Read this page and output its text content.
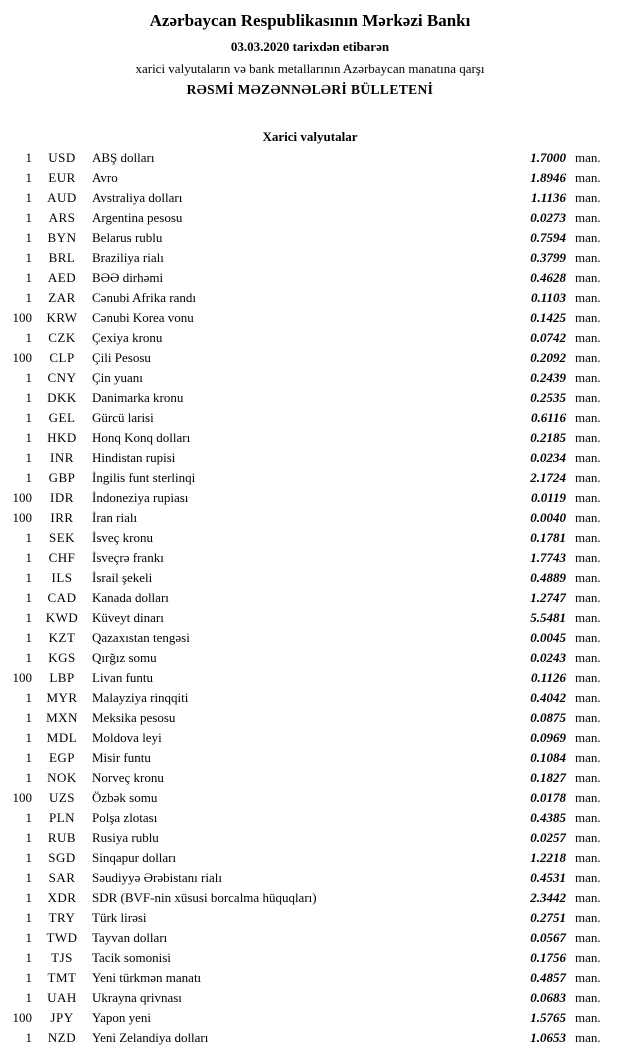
Azərbaycan Respublikasının Mərkəzi Bankı
03.03.2020 tarixdən etibarən
xarici valyutaların və bank metallarının Azərbaycan manatına qarşı
RƏSMİ MƏZƏNNƏLƏRİ BÜLLETENİ
Xarici valyutalar
1	USD	ABŞ dolları	1.7000 man.
1	EUR	Avro	1.8946 man.
1	AUD	Avstraliya dolları	1.1136 man.
1	ARS	Argentina pesosu	0.0273 man.
1	BYN	Belarus rublu	0.7594 man.
1	BRL	Braziliya rialı	0.3799 man.
1	AED	BƏƏ dirhəmi	0.4628 man.
1	ZAR	Cənubi Afrika randı	0.1103 man.
100	KRW	Cənubi Korea vonu	0.1425 man.
1	CZK	Çexiya kronu	0.0742 man.
100	CLP	Çili Pesosu	0.2092 man.
1	CNY	Çin yuanı	0.2439 man.
1	DKK	Danimarka kronu	0.2535 man.
1	GEL	Gürcü larisi	0.6116 man.
1	HKD	Honq Konq dolları	0.2185 man.
1	INR	Hindistan rupisi	0.0234 man.
1	GBP	İngilis funt sterlinqi	2.1724 man.
100	IDR	İndoneziya rupiası	0.0119 man.
100	IRR	İran rialı	0.0040 man.
1	SEK	İsveç kronu	0.1781 man.
1	CHF	İsveçrə frankı	1.7743 man.
1	ILS	İsrail şekeli	0.4889 man.
1	CAD	Kanada dolları	1.2747 man.
1	KWD	Küveyt dinarı	5.5481 man.
1	KZT	Qazaxıstan tengəsi	0.0045 man.
1	KGS	Qırğız somu	0.0243 man.
100	LBP	Livan funtu	0.1126 man.
1	MYR	Malayziya rinqqiti	0.4042 man.
1	MXN	Meksika pesosu	0.0875 man.
1	MDL	Moldova leyi	0.0969 man.
1	EGP	Misir funtu	0.1084 man.
1	NOK	Norveç kronu	0.1827 man.
100	UZS	Özbək somu	0.0178 man.
1	PLN	Polşa zlotası	0.4385 man.
1	RUB	Rusiya rublu	0.0257 man.
1	SGD	Sinqapur dolları	1.2218 man.
1	SAR	Səudiyyə Ərəbistanı rialı	0.4531 man.
1	XDR	SDR (BVF-nin xüsusi borcalma hüquqları)	2.3442 man.
1	TRY	Türk lirəsi	0.2751 man.
1	TWD	Tayvan dolları	0.0567 man.
1	TJS	Tacik somonisi	0.1756 man.
1	TMT	Yeni türkmən manatı	0.4857 man.
1	UAH	Ukrayna qrivnası	0.0683 man.
100	JPY	Yapon yeni	1.5765 man.
1	NZD	Yeni Zelandiya dolları	1.0653 man.
